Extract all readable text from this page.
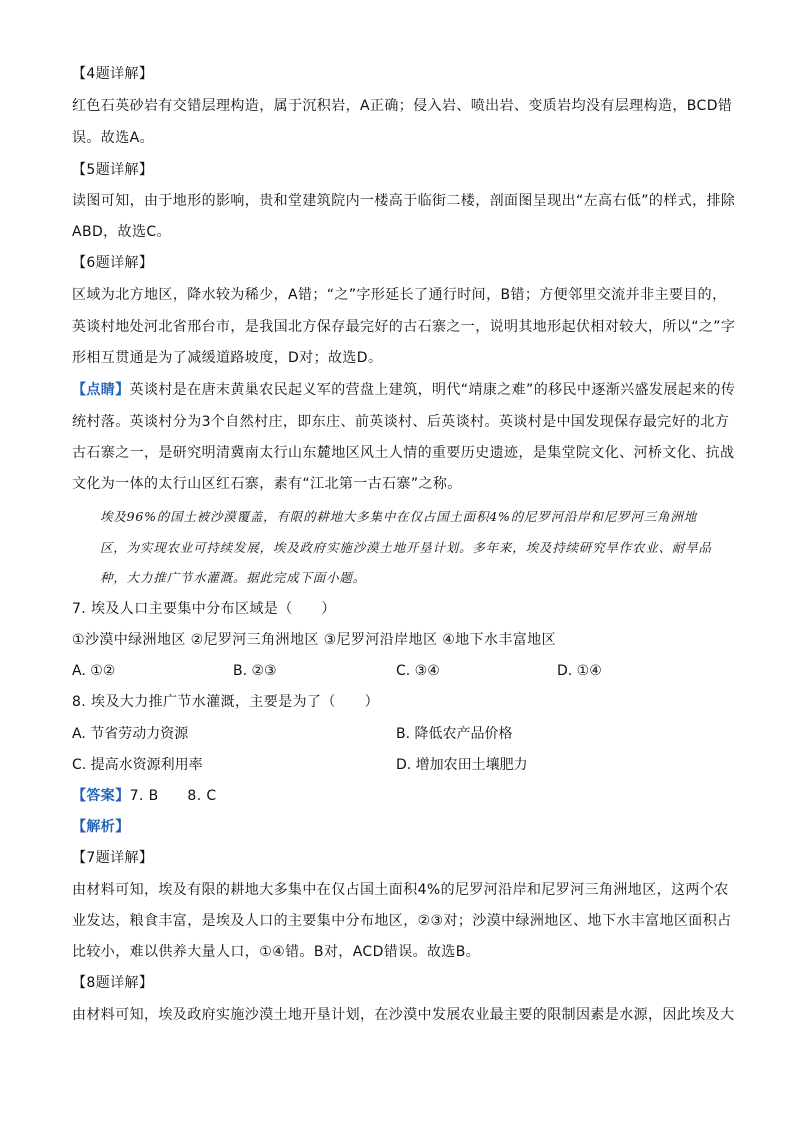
【4题详解】
红色石英砂岩有交错层理构造，属于沉积岩，A正确；侵入岩、喷出岩、变质岩均没有层理构造，BCD错
误。故选A。
【5题详解】
读图可知，由于地形的影响，贵和堂建筑院内一楼高于临街二楼，剖面图呈现出“左高右低”的样式，排除
ABD，故选C。
【6题详解】
区域为北方地区，降水较为稀少，A错；“之”字形延长了通行时间，B错；方便邻里交流并非主要目的，
英谈村地处河北省邢台市，是我国北方保存最完好的古石寨之一，说明其地形起伏相对较大，所以“之”字
形相互贯通是为了减缓道路坡度，D对；故选D。
【点睛】英谈村是在唐末黄巢农民起义军的营盘上建筑，明代“靖康之难”的移民中逐渐兴盛发展起来的传
统村落。英谈村分为3个自然村庄，即东庄、前英谈村、后英谈村。英谈村是中国发现保存最完好的北方
古石寨之一，是研究明清冀南太行山东麓地区风土人情的重要历史遗迹，是集堂院文化、河桥文化、抗战
文化为一体的太行山区红石寨，素有“江北第一古石寨”之称。
埃及96%的国土被沙漠覆盖，有限的耕地大多集中在仅占国土面积4%的尼罗河沿岸和尼罗河三角洲地
区，为实现农业可持续发展，埃及政府实施沙漠土地开垦计划。多年来，埃及持续研究旱作农业、耐旱品
种，大力推广节水灌溉。据此完成下面小题。
7. 埃及人口主要集中分布区域是（　　）
①沙漠中绿洲地区 ②尼罗河三角洲地区 ③尼罗河沿岸地区 ④地下水丰富地区
A. ①②	B. ②③	C. ③④	D. ①④
8. 埃及大力推广节水灌溉，主要是为了（　　）
A. 节省劳动力资源	B. 降低农产品价格
C. 提高水资源利用率	D. 增加农田土壤肥力
【答案】7. B　　8. C
【解析】
【7题详解】
由材料可知，埃及有限的耕地大多集中在仅占国土面积4%的尼罗河沿岸和尼罗河三角洲地区，这两个农
业发达，粮食丰富，是埃及人口的主要集中分布地区，②③对；沙漠中绿洲地区、地下水丰富地区面积占
比较小，难以供养大量人口，①④错。B对，ACD错误。故选B。
【8题详解】
由材料可知，埃及政府实施沙漠土地开垦计划，在沙漠中发展农业最主要的限制因素是水源，因此埃及大
